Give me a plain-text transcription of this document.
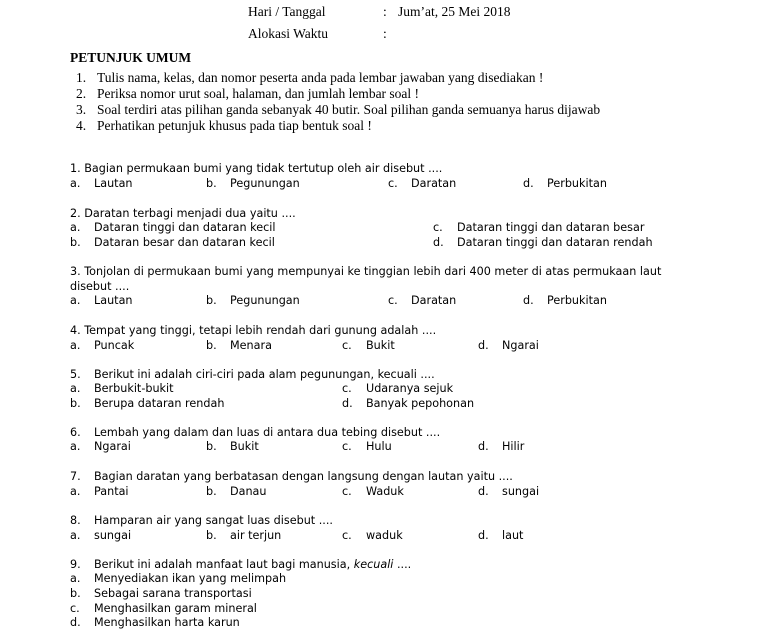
Hari / Tanggal	: Jum’at, 25 Mei 2018
Alokasi Waktu	:
PETUNJUK UMUM
1. Tulis nama, kelas, dan nomor peserta anda pada lembar jawaban yang disediakan !
2. Periksa nomor urut soal, halaman, dan jumlah lembar soal !
3. Soal terdiri atas pilihan ganda sebanyak 40 butir. Soal pilihan ganda semuanya harus dijawab
4. Perhatikan petunjuk khusus pada tiap bentuk soal !
1. Bagian permukaan bumi yang tidak tertutup oleh air disebut ....
a. Lautan	b. Pegunungan	c. Daratan	d. Perbukitan
2. Daratan terbagi menjadi dua yaitu ....
a. Dataran tinggi dan dataran kecil
b. Dataran besar dan dataran kecil
c. Dataran tinggi dan dataran besar
d. Dataran tinggi dan dataran rendah
3. Tonjolan di permukaan bumi yang mempunyai ke tinggian lebih dari 400 meter di atas permukaan laut
disebut ....
a. Lautan	b. Pegunungan	c. Daratan	d. Perbukitan
4. Tempat yang tinggi, tetapi lebih rendah dari gunung adalah ....
a. Puncak	b. Menara	c. Bukit	d. Ngarai
5. Berikut ini adalah ciri-ciri pada alam pegunungan, kecuali ....
a. Berbukit-bukit
b. Berupa dataran rendah
c. Udaranya sejuk
d. Banyak pepohonan
6. Lembah yang dalam dan luas di antara dua tebing disebut ....
a. Ngarai	b. Bukit	c. Hulu	d. Hilir
7. Bagian daratan yang berbatasan dengan langsung dengan lautan yaitu ....
a. Pantai	b. Danau	c. Waduk	d. sungai
8. Hamparan air yang sangat luas disebut ....
a. sungai	b. air terjun	c. waduk	d. laut
9. Berikut ini adalah manfaat laut bagi manusia, kecuali ....
a. Menyediakan ikan yang melimpah
b. Sebagai sarana transportasi
c. Menghasilkan garam mineral
d. Menghasilkan harta karun
